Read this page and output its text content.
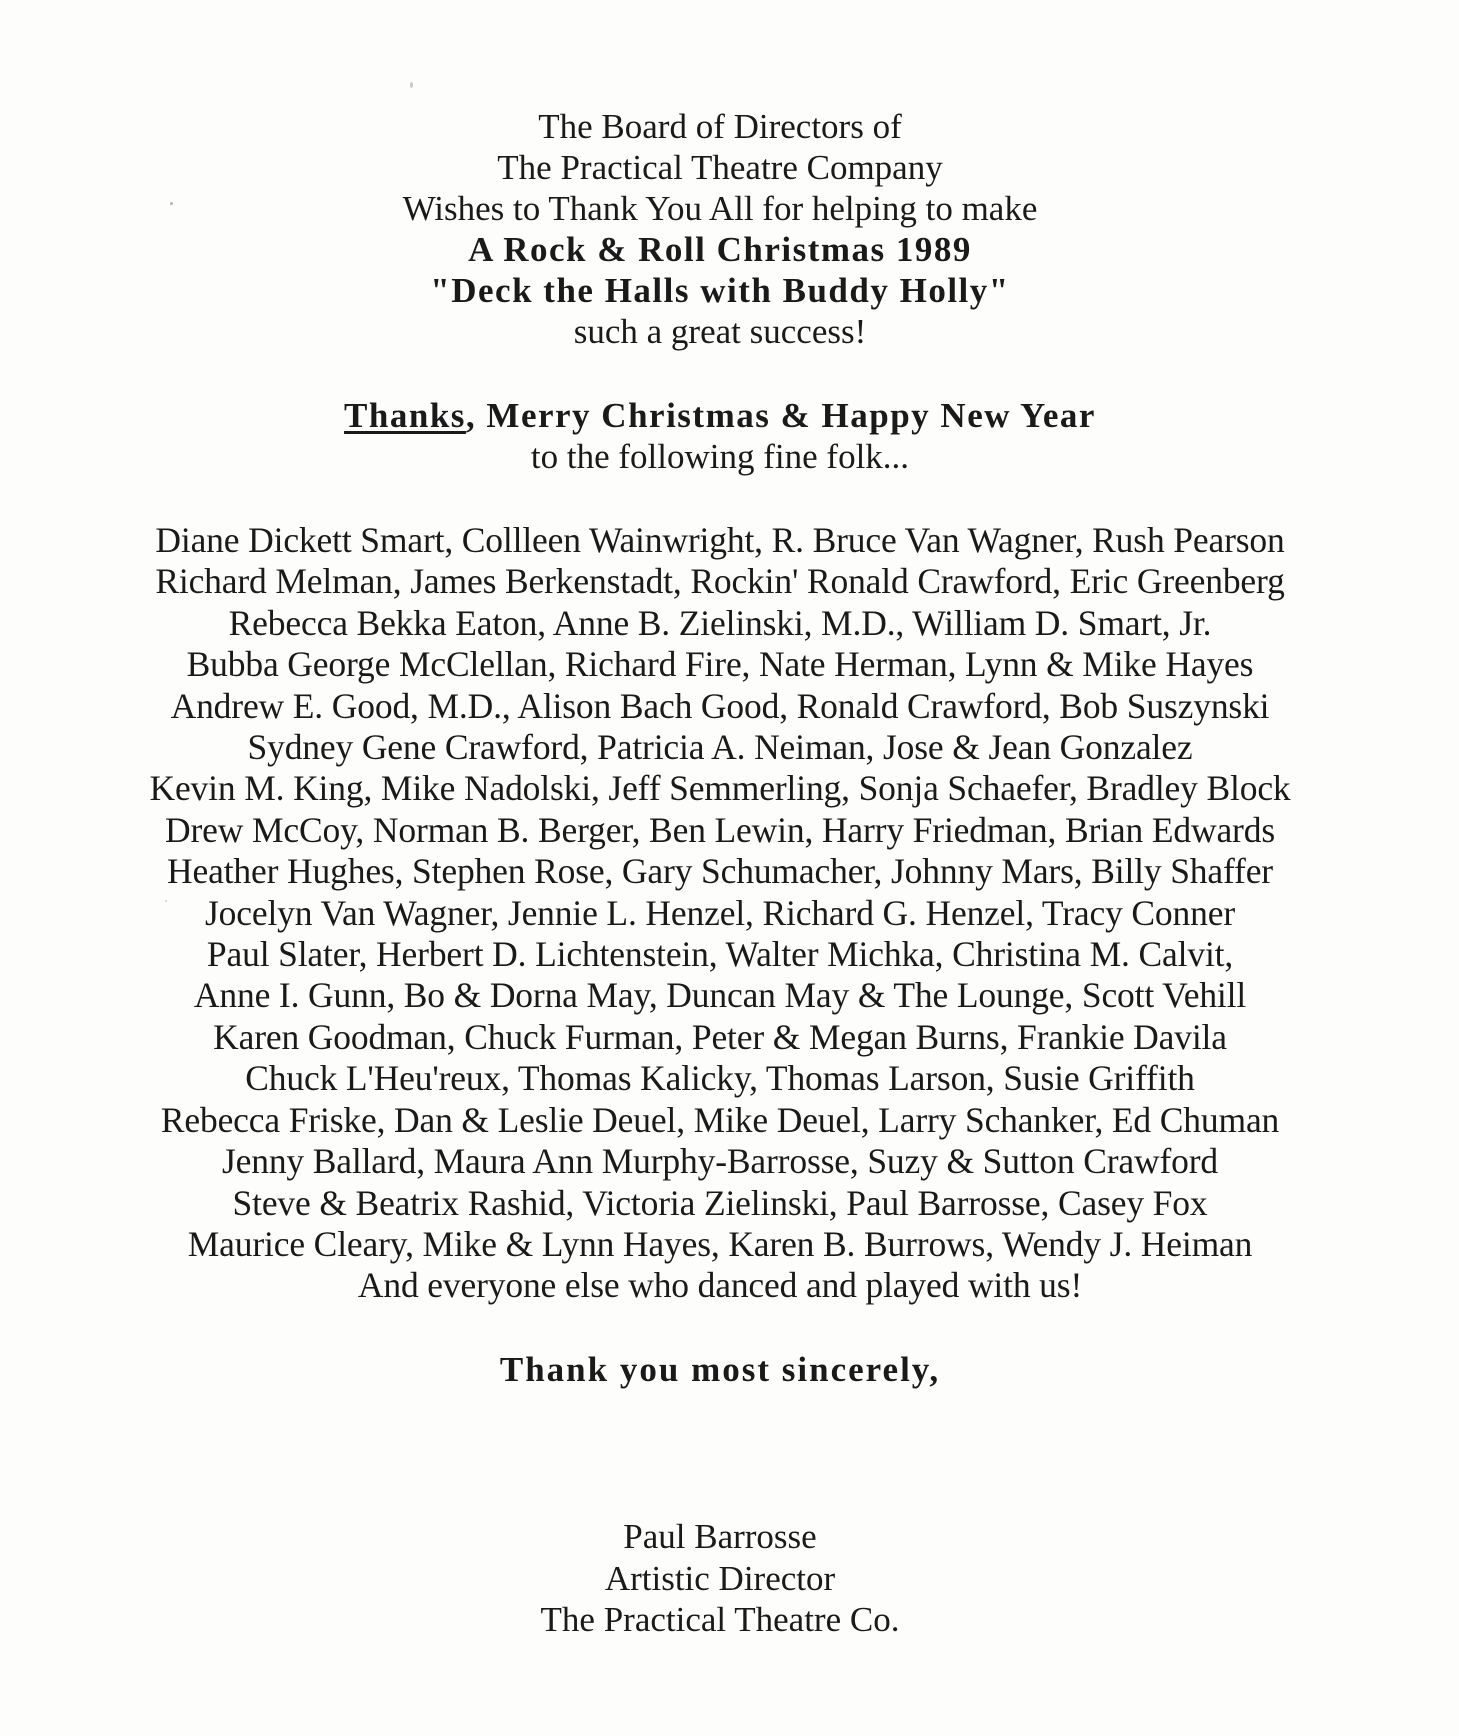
The Board of Directors of
The Practical Theatre Company
Wishes to Thank You All for helping to make
A Rock & Roll Christmas 1989
"Deck the Halls with Buddy Holly"
such a great success!
Thanks, Merry Christmas & Happy New Year
to the following fine folk...
Diane Dickett Smart, Collleen Wainwright, R. Bruce Van Wagner, Rush Pearson
Richard Melman, James Berkenstadt, Rockin' Ronald Crawford, Eric Greenberg
Rebecca Bekka Eaton, Anne B. Zielinski, M.D., William D. Smart, Jr.
Bubba George McClellan, Richard Fire, Nate Herman, Lynn & Mike Hayes
Andrew E. Good, M.D., Alison Bach Good, Ronald Crawford, Bob Suszynski
Sydney Gene Crawford, Patricia A. Neiman, Jose & Jean Gonzalez
Kevin M. King, Mike Nadolski, Jeff Semmerling, Sonja Schaefer, Bradley Block
Drew McCoy, Norman B. Berger, Ben Lewin, Harry Friedman, Brian Edwards
Heather Hughes, Stephen Rose, Gary Schumacher, Johnny Mars, Billy Shaffer
Jocelyn Van Wagner, Jennie L. Henzel, Richard G. Henzel, Tracy Conner
Paul Slater, Herbert D. Lichtenstein, Walter Michka, Christina M. Calvit,
Anne I. Gunn, Bo & Dorna May, Duncan May & The Lounge, Scott Vehill
Karen Goodman, Chuck Furman, Peter & Megan Burns, Frankie Davila
Chuck L'Heu'reux, Thomas Kalicky, Thomas Larson, Susie Griffith
Rebecca Friske, Dan & Leslie Deuel, Mike Deuel, Larry Schanker, Ed Chuman
Jenny Ballard, Maura Ann Murphy-Barrosse, Suzy & Sutton Crawford
Steve & Beatrix Rashid, Victoria Zielinski, Paul Barrosse, Casey Fox
Maurice Cleary, Mike & Lynn Hayes, Karen B. Burrows, Wendy J. Heiman
And everyone else who danced and played with us!
Thank you most sincerely,
Paul Barrosse
Artistic Director
The Practical Theatre Co.
